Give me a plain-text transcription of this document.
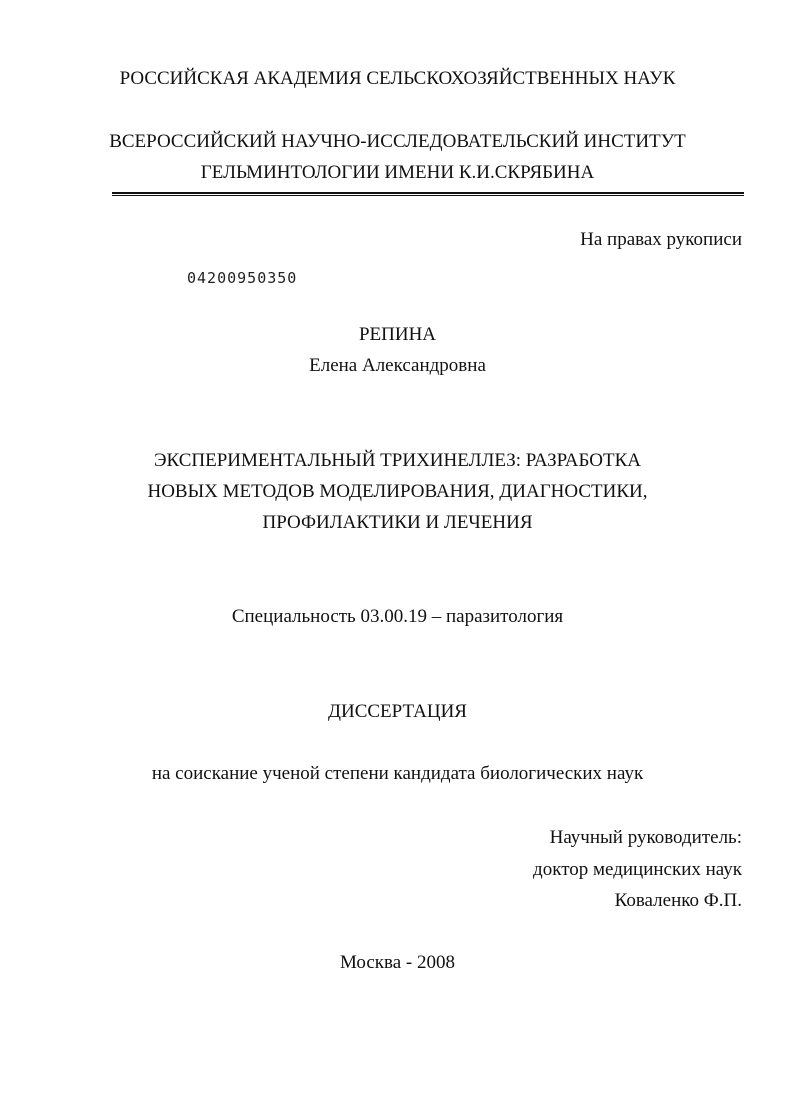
РОССИЙСКАЯ АКАДЕМИЯ СЕЛЬСКОХОЗЯЙСТВЕННЫХ НАУК
ВСЕРОССИЙСКИЙ НАУЧНО-ИССЛЕДОВАТЕЛЬСКИЙ ИНСТИТУТ
ГЕЛЬМИНТОЛОГИИ ИМЕНИ К.И.СКРЯБИНА
На правах рукописи
04200950350
РЕПИНА
Елена Александровна
ЭКСПЕРИМЕНТАЛЬНЫЙ ТРИХИНЕЛЛЕЗ: РАЗРАБОТКА
НОВЫХ МЕТОДОВ МОДЕЛИРОВАНИЯ, ДИАГНОСТИКИ,
ПРОФИЛАКТИКИ И ЛЕЧЕНИЯ
Специальность 03.00.19 – паразитология
ДИССЕРТАЦИЯ
на соискание ученой степени кандидата биологических наук
Научный руководитель:
доктор медицинских наук
Коваленко Ф.П.
Москва - 2008
